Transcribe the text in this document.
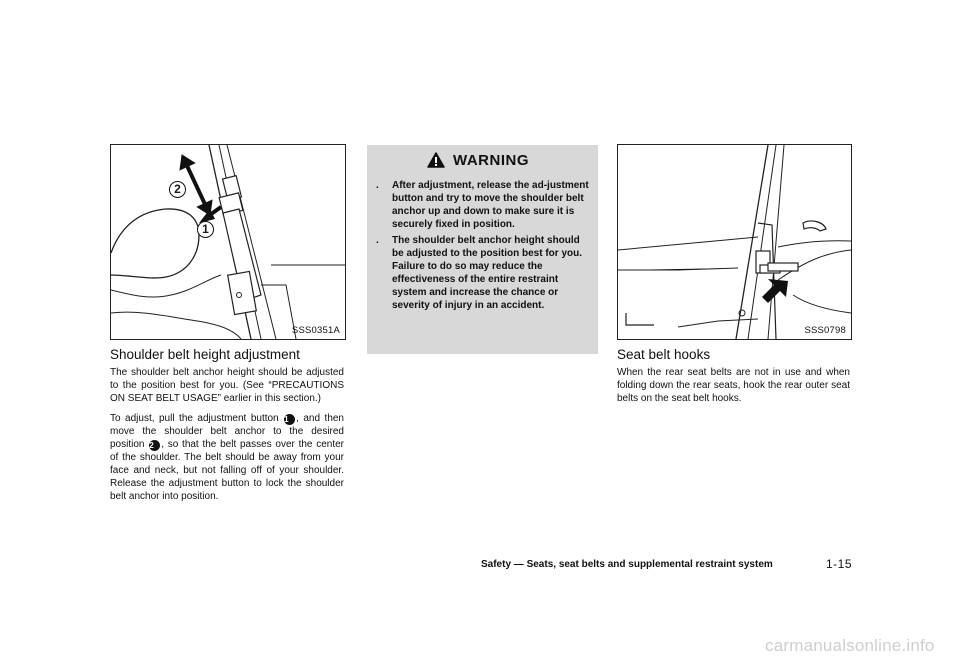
2
1
SSS0351A
Shoulder belt height adjustment

The shoulder belt anchor height should be adjusted to the position best for you. (See “PRECAUTIONS ON SEAT BELT USAGE” earlier in this section.)

To adjust, pull the adjustment button 1 , and then move the shoulder belt anchor to the desired position 2 , so that the belt passes over the center of the shoulder. The belt should be away from your face and neck, but not falling off of your shoulder. Release the adjustment button to lock the shoulder belt anchor into position.

WARNING
. After adjustment, release the ad-justment button and try to move the shoulder belt anchor up and down to make sure it is securely fixed in position.
. The shoulder belt anchor height should be adjusted to the position best for you. Failure to do so may reduce the effectiveness of the entire restraint system and increase the chance or severity of injury in an accident.
SSS0798
Seat belt hooks

When the rear seat belts are not in use and when folding down the rear seats, hook the rear outer seat belts on the seat belt hooks.

Safety — Seats, seat belts and supplemental restraint system	1-15
carmanualsonline.info
